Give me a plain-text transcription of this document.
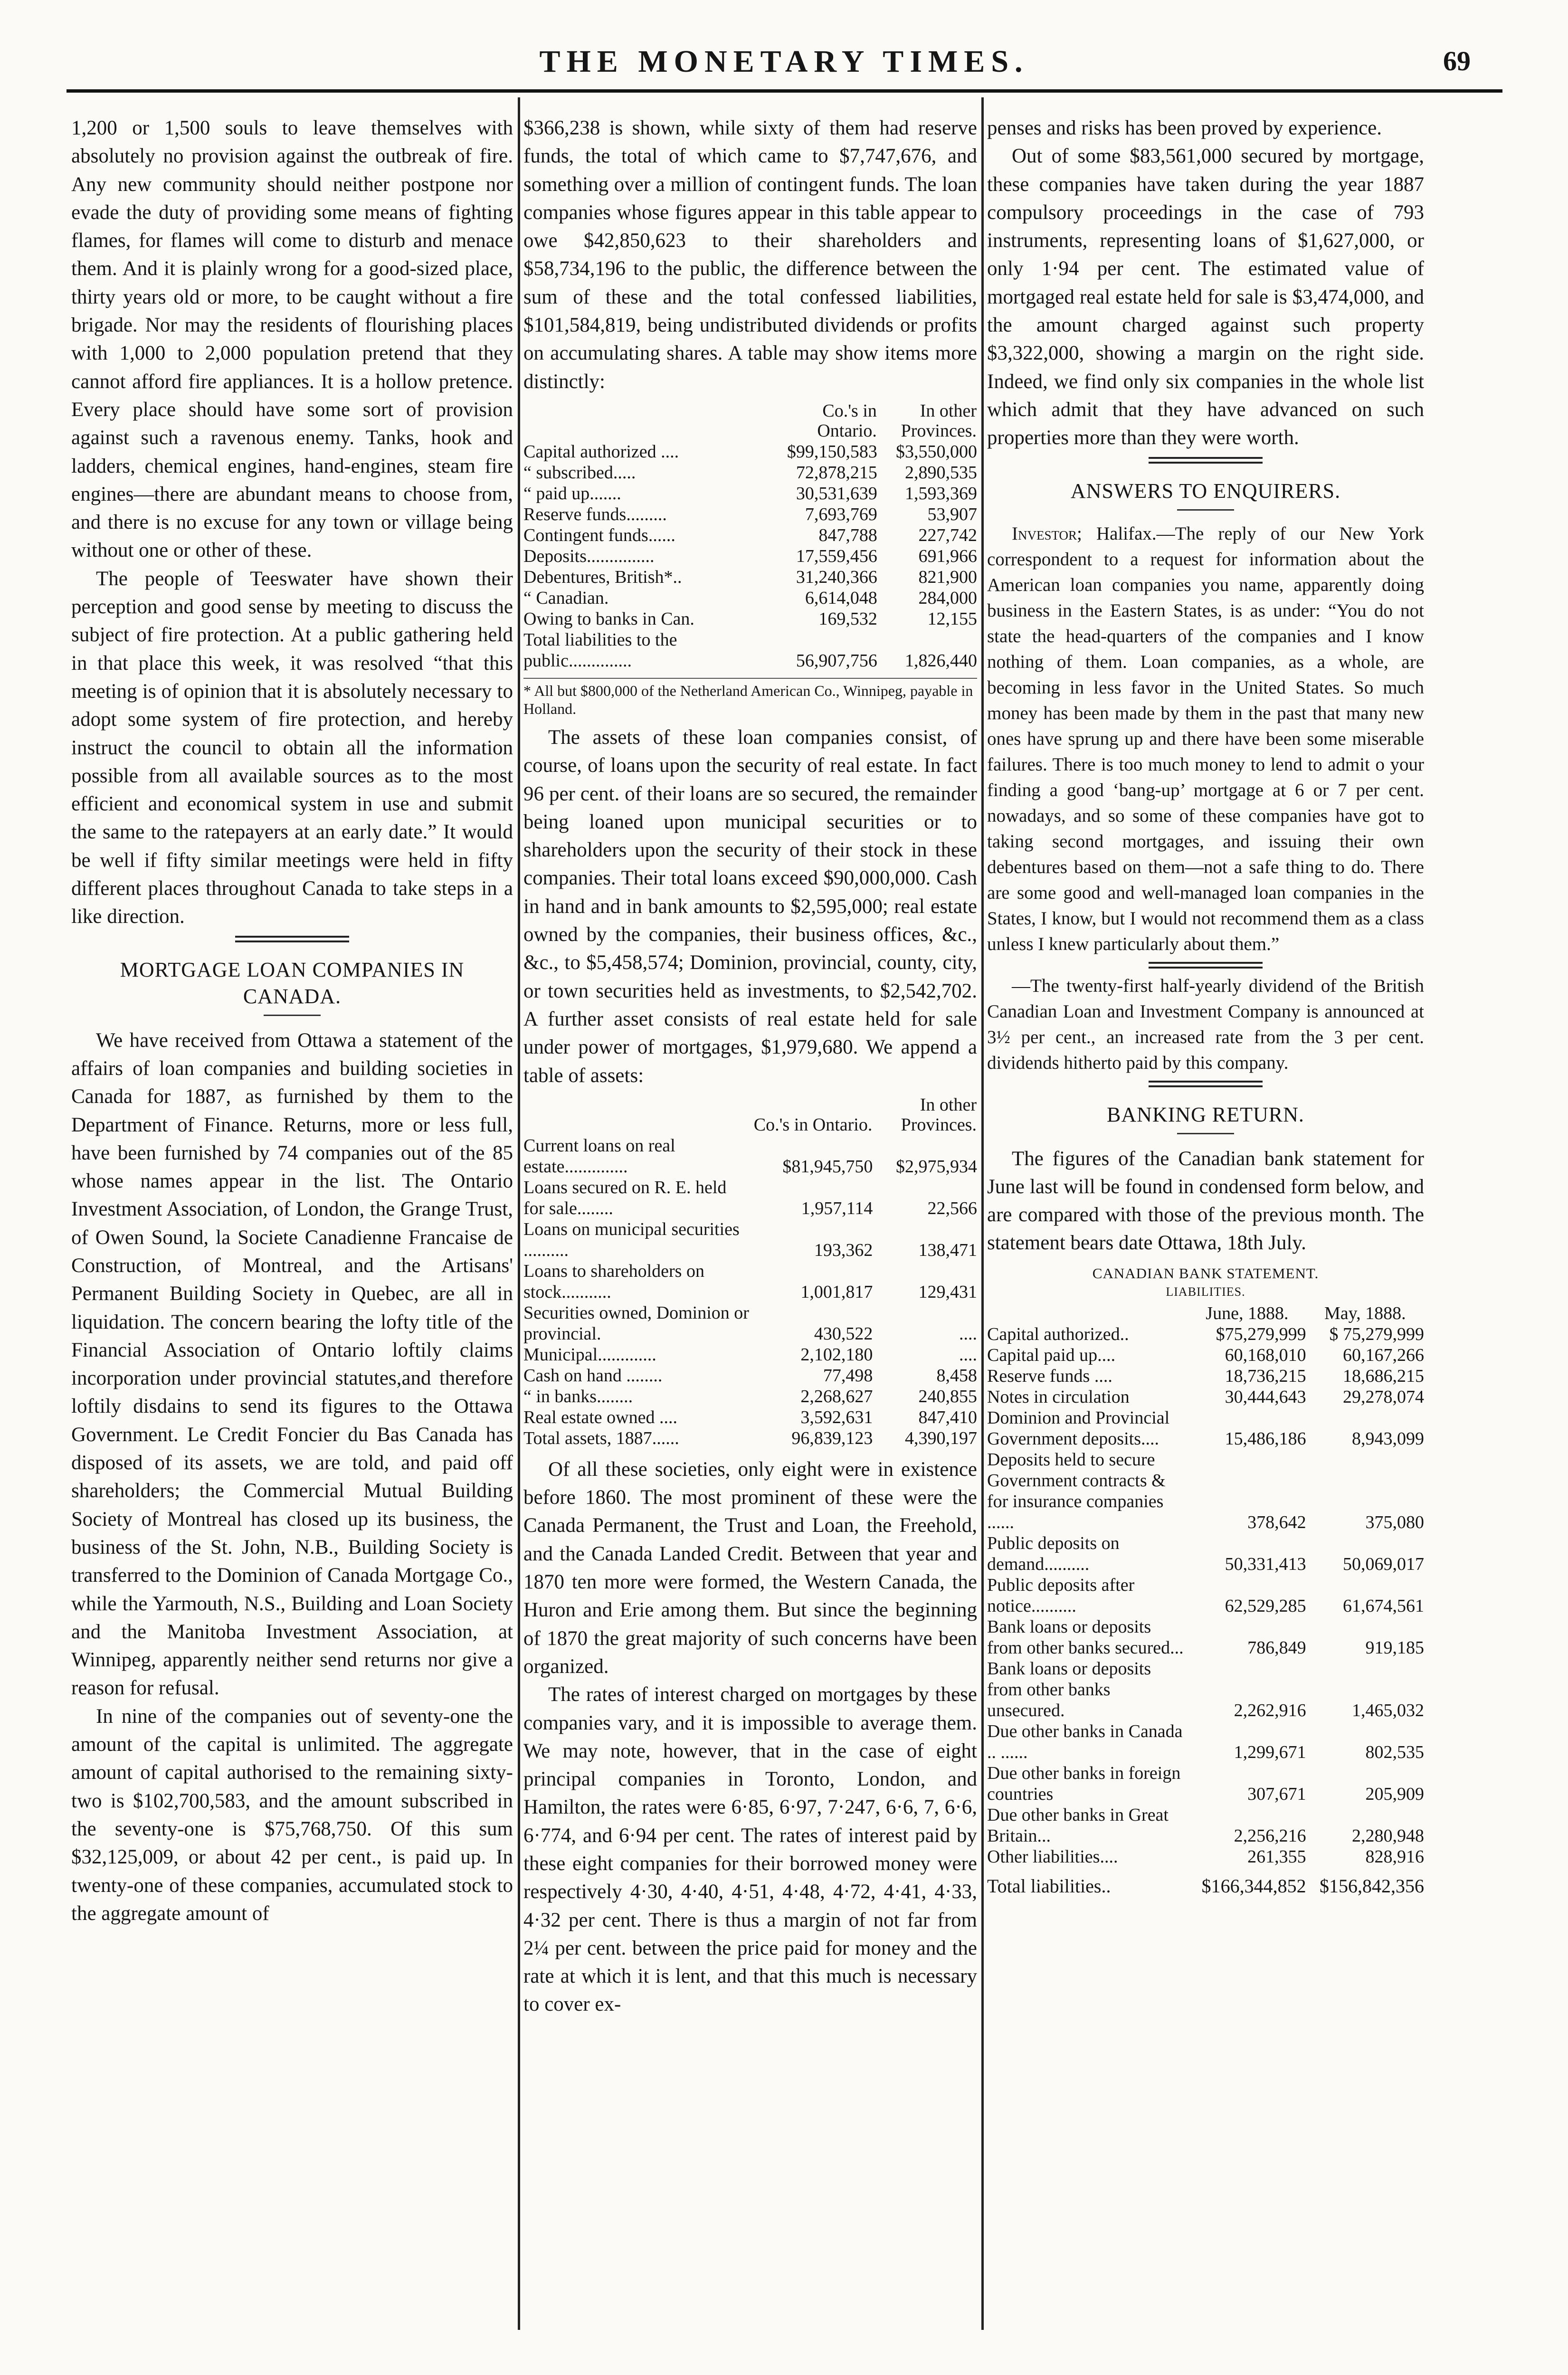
THE MONETARY TIMES.	69

1,200 or 1,500 souls to leave themselves with absolutely no provision against the outbreak of fire. Any new community should neither postpone nor evade the duty of providing some means of fighting flames, for flames will come to disturb and menace them. And it is plainly wrong for a good-sized place, thirty years old or more, to be caught without a fire brigade. Nor may the residents of flourishing places with 1,000 to 2,000 population pretend that they cannot afford fire appliances. It is a hollow pretence. Every place should have some sort of provision against such a ravenous enemy. Tanks, hook and ladders, chemical engines, hand-engines, steam fire engines—there are abundant means to choose from, and there is no excuse for any town or village being without one or other of these.

The people of Teeswater have shown their perception and good sense by meeting to discuss the subject of fire protection. At a public gathering held in that place this week, it was resolved “that this meeting is of opinion that it is absolutely necessary to adopt some system of fire protection, and hereby instruct the council to obtain all the information possible from all available sources as to the most efficient and economical system in use and submit the same to the ratepayers at an early date.” It would be well if fifty similar meetings were held in fifty different places throughout Canada to take steps in a like direction.

MORTGAGE LOAN COMPANIES IN CANADA.

We have received from Ottawa a statement of the affairs of loan companies and building societies in Canada for 1887, as furnished by them to the Department of Finance. Returns, more or less full, have been furnished by 74 companies out of the 85 whose names appear in the list. The Ontario Investment Association, of London, the Grange Trust, of Owen Sound, la Societe Canadienne Francaise de Construction, of Montreal, and the Artisans' Permanent Building Society in Quebec, are all in liquidation. The concern bearing the lofty title of the Financial Association of Ontario loftily claims incorporation under provincial statutes,and therefore loftily disdains to send its figures to the Ottawa Government. Le Credit Foncier du Bas Canada has disposed of its assets, we are told, and paid off shareholders; the Commercial Mutual Building Society of Montreal has closed up its business, the business of the St. John, N.B., Building Society is transferred to the Dominion of Canada Mortgage Co., while the Yarmouth, N.S., Building and Loan Society and the Manitoba Investment Association, at Winnipeg, apparently neither send returns nor give a reason for refusal.

In nine of the companies out of seventy-one the amount of the capital is unlimited. The aggregate amount of capital authorised to the remaining sixty-two is $102,700,583, and the amount subscribed in the seventy-one is $75,768,750. Of this sum $32,125,009, or about 42 per cent., is paid up. In twenty-one of these companies, accumulated stock to the aggregate amount of

$366,238 is shown, while sixty of them had reserve funds, the total of which came to $7,747,676, and something over a million of contingent funds. The loan companies whose figures appear in this table appear to owe $42,850,623 to their shareholders and $58,734,196 to the public, the difference between the sum of these and the total confessed liabilities, $101,584,819, being undistributed dividends or profits on accumulating shares. A table may show items more distinctly:

	Co.'s in Ontario.	In other Provinces.
Capital authorized ....	$99,150,583	$3,550,000
“ subscribed.....	72,878,215	2,890,535
“ paid up.......	30,531,639	1,593,369
Reserve funds.........	7,693,769	53,907
Contingent funds......	847,788	227,742
Deposits...............	17,559,456	691,966
Debentures, British*..	31,240,366	821,900
“ Canadian.	6,614,048	284,000
Owing to banks in Can.	169,532	12,155
Total liabilities to the public..............	56,907,756	1,826,440
* All but $800,000 of the Netherland American Co., Winnipeg, payable in Holland.

The assets of these loan companies consist, of course, of loans upon the security of real estate. In fact 96 per cent. of their loans are so secured, the remainder being loaned upon municipal securities or to shareholders upon the security of their stock in these companies. Their total loans exceed $90,000,000. Cash in hand and in bank amounts to $2,595,000; real estate owned by the companies, their business offices, &c., &c., to $5,458,574; Dominion, provincial, county, city, or town securities held as investments, to $2,542,702. A further asset consists of real estate held for sale under power of mortgages, $1,979,680. We append a table of assets:

	Co.'s in Ontario.	In other Provinces.
Current loans on real estate..............	$81,945,750	$2,975,934
Loans secured on R. E. held for sale........	1,957,114	22,566
Loans on municipal securities ..........	193,362	138,471
Loans to shareholders on stock...........	1,001,817	129,431
Securities owned, Dominion or provincial.	430,522	....
Municipal.............	2,102,180	....
Cash on hand ........	77,498	8,458
“ in banks........	2,268,627	240,855
Real estate owned ....	3,592,631	847,410
Total assets, 1887......	96,839,123	4,390,197

Of all these societies, only eight were in existence before 1860. The most prominent of these were the Canada Permanent, the Trust and Loan, the Freehold, and the Canada Landed Credit. Between that year and 1870 ten more were formed, the Western Canada, the Huron and Erie among them. But since the beginning of 1870 the great majority of such concerns have been organized.

The rates of interest charged on mortgages by these companies vary, and it is impossible to average them. We may note, however, that in the case of eight principal companies in Toronto, London, and Hamilton, the rates were 6·85, 6·97, 7·247, 6·6, 7, 6·6, 6·774, and 6·94 per cent. The rates of interest paid by these eight companies for their borrowed money were respectively 4·30, 4·40, 4·51, 4·48, 4·72, 4·41, 4·33, 4·32 per cent. There is thus a margin of not far from 2¼ per cent. between the price paid for money and the rate at which it is lent, and that this much is necessary to cover ex-

penses and risks has been proved by experience.

Out of some $83,561,000 secured by mortgage, these companies have taken during the year 1887 compulsory proceedings in the case of 793 instruments, representing loans of $1,627,000, or only 1·94 per cent. The estimated value of mortgaged real estate held for sale is $3,474,000, and the amount charged against such property $3,322,000, showing a margin on the right side. Indeed, we find only six companies in the whole list which admit that they have advanced on such properties more than they were worth.

ANSWERS TO ENQUIRERS.

Investor; Halifax.—The reply of our New York correspondent to a request for information about the American loan companies you name, apparently doing business in the Eastern States, is as under: “You do not state the head-quarters of the companies and I know nothing of them. Loan companies, as a whole, are becoming in less favor in the United States. So much money has been made by them in the past that many new ones have sprung up and there have been some miserable failures. There is too much money to lend to admit o your finding a good ‘bang-up’ mortgage at 6 or 7 per cent. nowadays, and so some of these companies have got to taking second mortgages, and issuing their own debentures based on them—not a safe thing to do. There are some good and well-managed loan companies in the States, I know, but I would not recommend them as a class unless I knew particularly about them.”

—The twenty-first half-yearly dividend of the British Canadian Loan and Investment Company is announced at 3½ per cent., an increased rate from the 3 per cent. dividends hitherto paid by this company.

BANKING RETURN.

The figures of the Canadian bank statement for June last will be found in condensed form below, and are compared with those of the previous month. The statement bears date Ottawa, 18th July.

CANADIAN BANK STATEMENT.
LIABILITIES.
	June, 1888.	May, 1888.
Capital authorized..	$75,279,999	$ 75,279,999
Capital paid up....	60,168,010	60,167,266
Reserve funds ....	18,736,215	18,686,215
Notes in circulation	30,444,643	29,278,074
Dominion and Provincial Government deposits....	15,486,186	8,943,099
Deposits held to secure Government contracts & for insurance companies ......	378,642	375,080
Public deposits on demand..........	50,331,413	50,069,017
Public deposits after notice..........	62,529,285	61,674,561
Bank loans or deposits from other banks secured...	786,849	919,185
Bank loans or deposits from other banks unsecured.	2,262,916	1,465,032
Due other banks in Canada .. ......	1,299,671	802,535
Due other banks in foreign countries	307,671	205,909
Due other banks in Great Britain...	2,256,216	2,280,948
Other liabilities....	261,355	828,916
Total liabilities..	$166,344,852	$156,842,356
